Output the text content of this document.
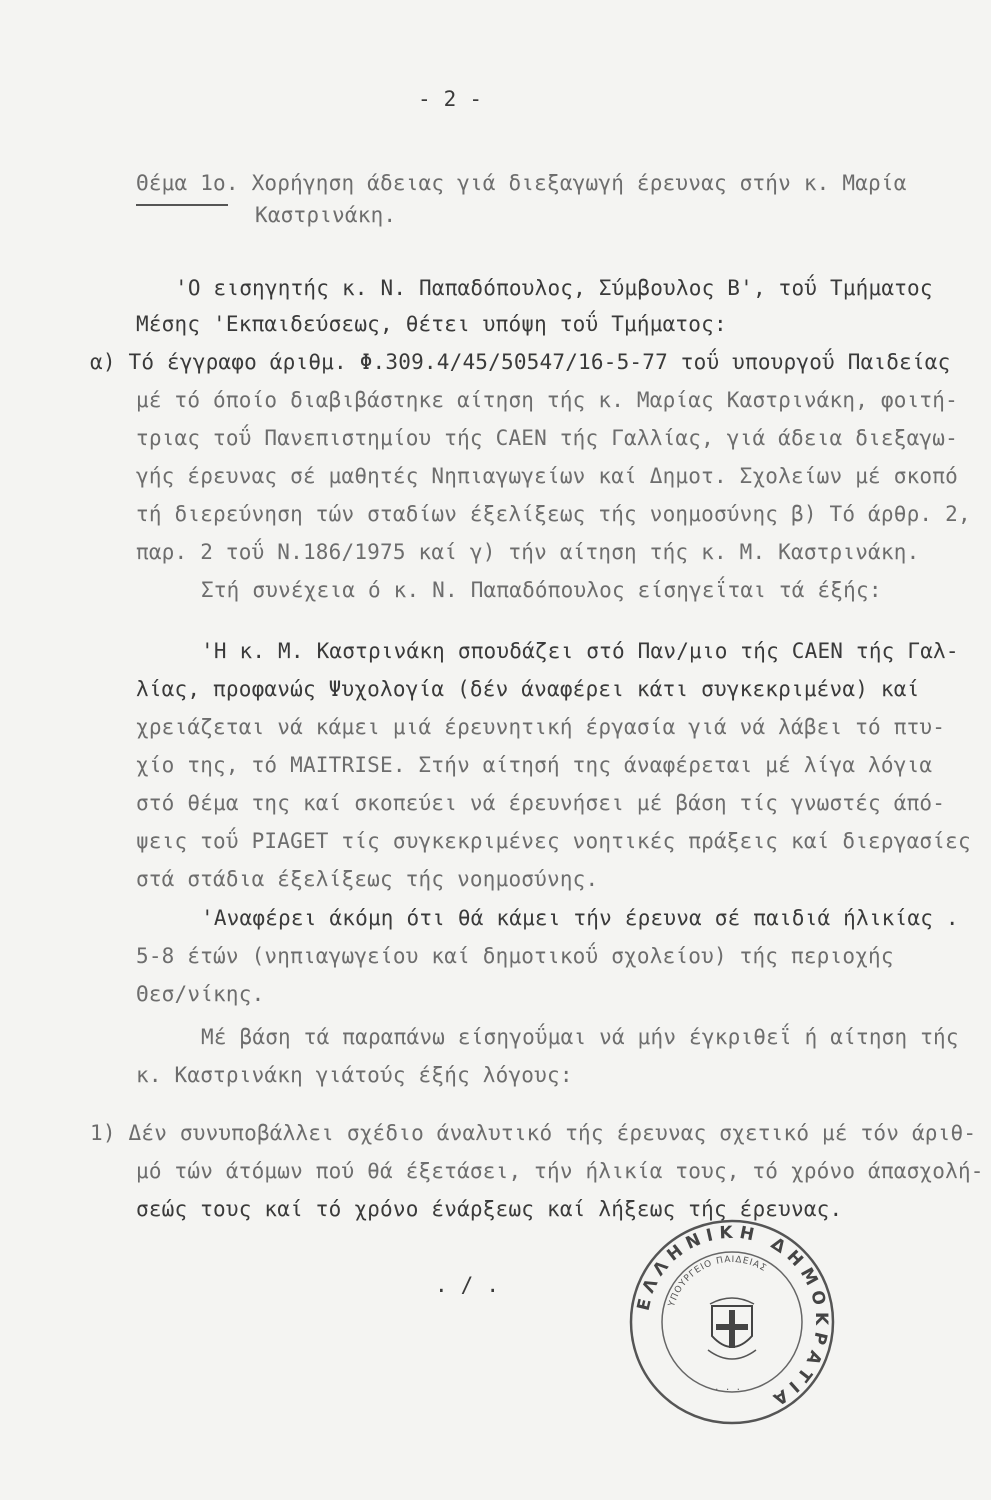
- 2 -
Θέμα 1ο. Χορήγηση άδειας γιά διεξαγωγή έρευνας στήν κ. Μαρία
Καστρινάκη.
'Ο εισηγητής κ. Ν. Παπαδόπουλος, Σύμβουλος Β', τοΰ Τμήματος
Μέσης 'Εκπαιδεύσεως, θέτει υπόψη τοΰ Τμήματος:
α) Τό έγγραφο άριθμ. Φ.309.4/45/50547/16-5-77 τοΰ υπουργοΰ Παιδείας
μέ τό όποίο διαβιβάστηκε αίτηση τής κ. Μαρίας Καστρινάκη, φοιτή-
τριας τοΰ Πανεπιστημίου τής CAEN τής Γαλλίας, γιά άδεια διεξαγω-
γής έρευνας σέ μαθητές Νηπιαγωγείων καί Δημοτ. Σχολείων μέ σκοπό
τή διερεύνηση τών σταδίων έξελίξεως τής νοημοσύνης β) Τό άρθρ. 2,
παρ. 2 τοΰ Ν.186/1975 καί γ) τήν αίτηση τής κ. Μ. Καστρινάκη.
Στή συνέχεια ό κ. Ν. Παπαδόπουλος είσηγεΐται τά έξής:
'Η κ. Μ. Καστρινάκη σπουδάζει στό Παν/μιο τής CAEN τής Γαλ-
λίας, προφανώς Ψυχολογία (δέν άναφέρει κάτι συγκεκριμένα) καί
χρειάζεται νά κάμει μιά έρευνητική έργασία γιά νά λάβει τό πτυ-
χίο της, τό MAITRISE. Στήν αίτησή της άναφέρεται μέ λίγα λόγια
στό θέμα της καί σκοπεύει νά έρευνήσει μέ βάση τίς γνωστές άπό-
ψεις τοΰ PIAGET τίς συγκεκριμένες νοητικές πράξεις καί διεργασίες
στά στάδια έξελίξεως τής νοημοσύνης.
'Αναφέρει άκόμη ότι θά κάμει τήν έρευνα σέ παιδιά ήλικίας .
5-8 έτών (νηπιαγωγείου καί δημοτικοΰ σχολείου) τής περιοχής
Θεσ/νίκης.
Μέ βάση τά παραπάνω είσηγοΰμαι νά μήν έγκριθεΐ ή αίτηση τής
κ. Καστρινάκη γιάτούς έξής λόγους:
1) Δέν συνυποβάλλει σχέδιο άναλυτικό τής έρευνας σχετικό μέ τόν άριθ-
μό τών άτόμων πού θά έξετάσει, τήν ήλικία τους, τό χρόνο άπασχολή-
σεώς τους καί τό χρόνο ένάρξεως καί λήξεως τής έρευνας.
. / .
ΕΛΛΗΝΙΚΗ ΔΗΜΟΚΡΑΤΙΑ
ΥΠΟΥΡΓΕΙΟ ΠΑΙΔΕΙΑΣ
. . .
